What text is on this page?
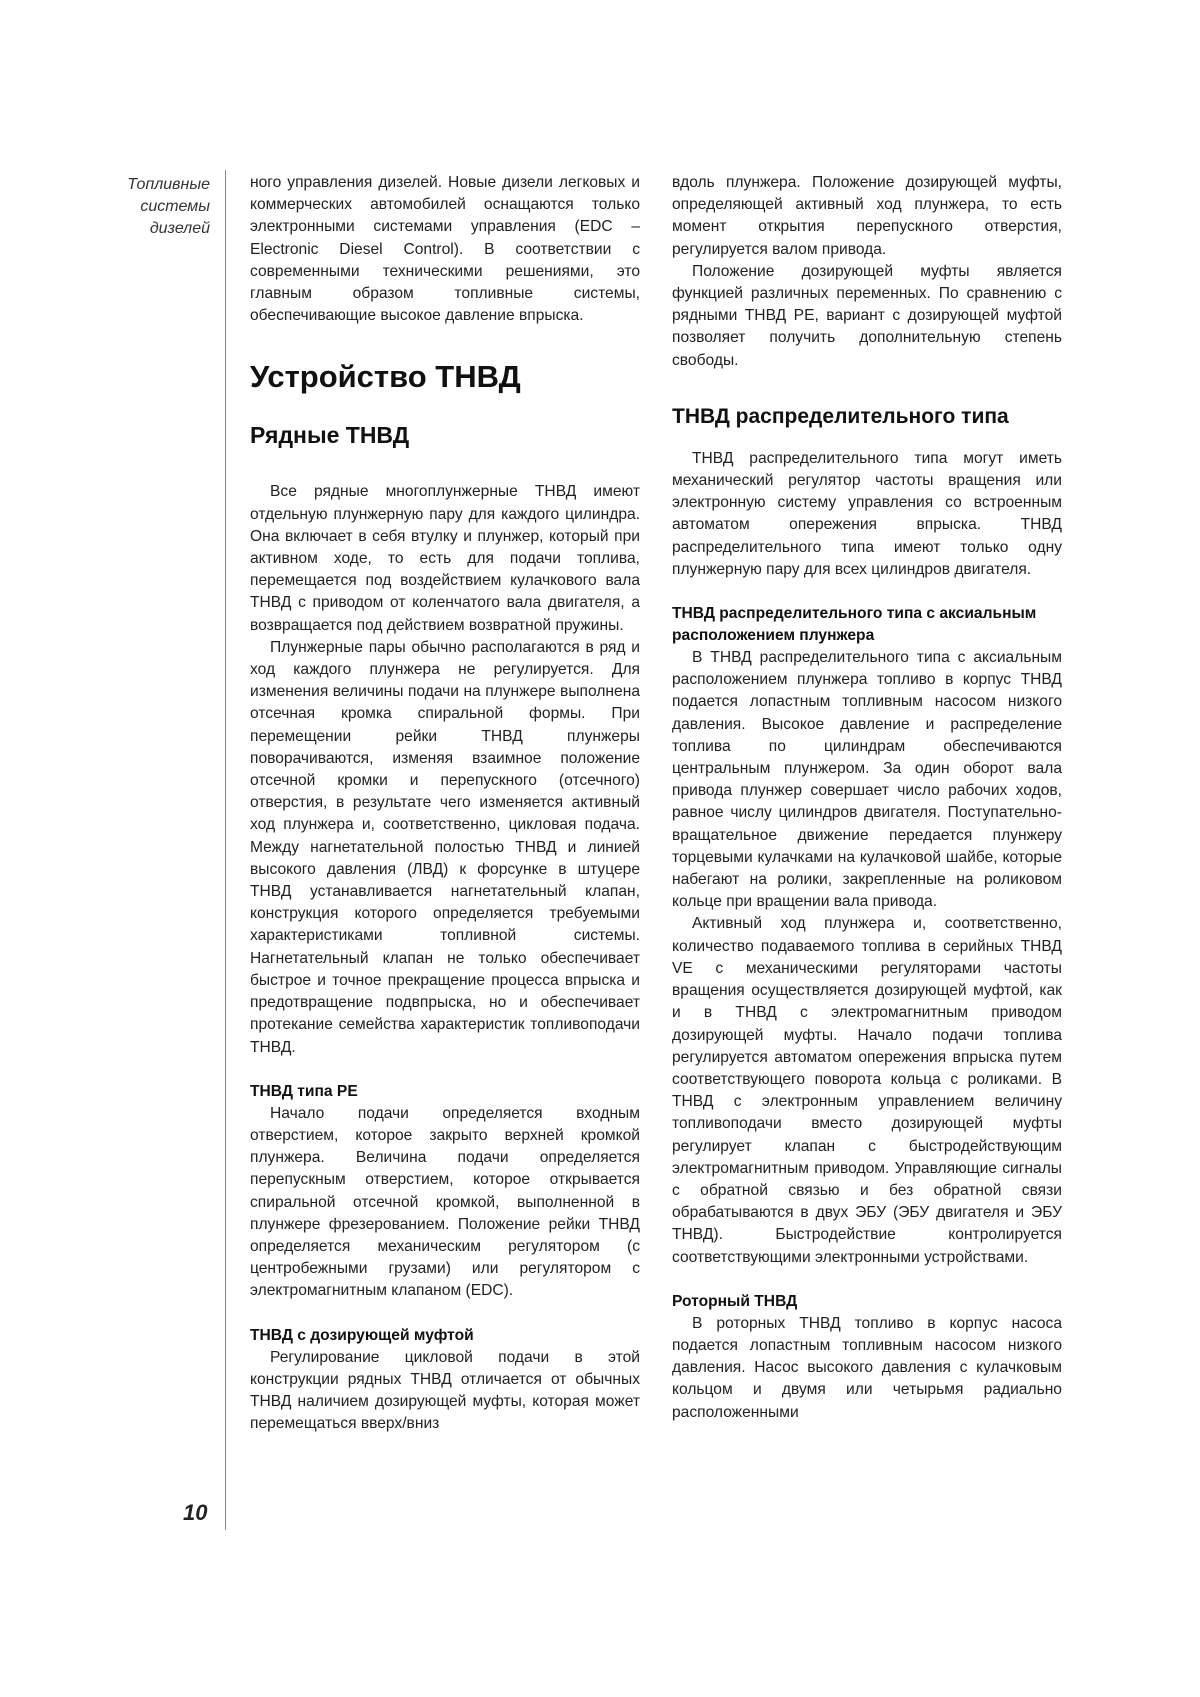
Топливные
системы
дизелей
10

ного управления дизелей. Новые дизели легковых и коммерческих автомобилей оснащаются только электронными системами управления (EDC – Electronic Diesel Control). В соответствии с современными техническими решениями, это главным образом топливные системы, обеспечивающие высокое давление впрыска.

Устройство ТНВД
Рядные ТНВД

Все рядные многоплунжерные ТНВД имеют отдельную плунжерную пару для каждого цилиндра. Она включает в себя втулку и плунжер, который при активном ходе, то есть для подачи топлива, перемещается под воздействием кулачкового вала ТНВД с приводом от коленчатого вала двигателя, а возвращается под действием возвратной пружины.

Плунжерные пары обычно располагаются в ряд и ход каждого плунжера не регулируется. Для изменения величины подачи на плунжере выполнена отсечная кромка спиральной формы. При перемещении рейки ТНВД плунжеры поворачиваются, изменяя взаимное положение отсечной кромки и перепускного (отсечного) отверстия, в результате чего изменяется активный ход плунжера и, соответственно, цикловая подача. Между нагнетательной полостью ТНВД и линией высокого давления (ЛВД) к форсунке в штуцере ТНВД устанавливается нагнетательный клапан, конструкция которого определяется требуемыми характеристиками топливной системы. Нагнетательный клапан не только обеспечивает быстрое и точное прекращение процесса впрыска и предотвращение подвпрыска, но и обеспечивает протекание семейства характеристик топливоподачи ТНВД.

ТНВД типа PE

Начало подачи определяется входным отверстием, которое закрыто верхней кромкой плунжера. Величина подачи определяется перепускным отверстием, которое открывается спиральной отсечной кромкой, выполненной в плунжере фрезерованием. Положение рейки ТНВД определяется механическим регулятором (с центробежными грузами) или регулятором с электромагнитным клапаном (EDC).

ТНВД с дозирующей муфтой

Регулирование цикловой подачи в этой конструкции рядных ТНВД отличается от обычных ТНВД наличием дозирующей муфты, которая может перемещаться вверх/вниз

вдоль плунжера. Положение дозирующей муфты, определяющей активный ход плунжера, то есть момент открытия перепускного отверстия, регулируется валом привода.

Положение дозирующей муфты является функцией различных переменных. По сравнению с рядными ТНВД PE, вариант с дозирующей муфтой позволяет получить дополнительную степень свободы.

ТНВД распределительного типа

ТНВД распределительного типа могут иметь механический регулятор частоты вращения или электронную систему управления со встроенным автоматом опережения впрыска. ТНВД распределительного типа имеют только одну плунжерную пару для всех цилиндров двигателя.

ТНВД распределительного типа с аксиальным расположением плунжера

В ТНВД распределительного типа с аксиальным расположением плунжера топливо в корпус ТНВД подается лопастным топливным насосом низкого давления. Высокое давление и распределение топлива по цилиндрам обеспечиваются центральным плунжером. За один оборот вала привода плунжер совершает число рабочих ходов, равное числу цилиндров двигателя. Поступательно-вращательное движение передается плунжеру торцевыми кулачками на кулачковой шайбе, которые набегают на ролики, закрепленные на роликовом кольце при вращении вала привода.

Активный ход плунжера и, соответственно, количество подаваемого топлива в серийных ТНВД VE с механическими регуляторами частоты вращения осуществляется дозирующей муфтой, как и в ТНВД с электромагнитным приводом дозирующей муфты. Начало подачи топлива регулируется автоматом опережения впрыска путем соответствующего поворота кольца с роликами. В ТНВД с электронным управлением величину топливоподачи вместо дозирующей муфты регулирует клапан с быстродействующим электромагнитным приводом. Управляющие сигналы с обратной связью и без обратной связи обрабатываются в двух ЭБУ (ЭБУ двигателя и ЭБУ ТНВД). Быстродействие контролируется соответствующими электронными устройствами.

Роторный ТНВД

В роторных ТНВД топливо в корпус насоса подается лопастным топливным насосом низкого давления. Насос высокого давления с кулачковым кольцом и двумя или четырьмя радиально расположенными
